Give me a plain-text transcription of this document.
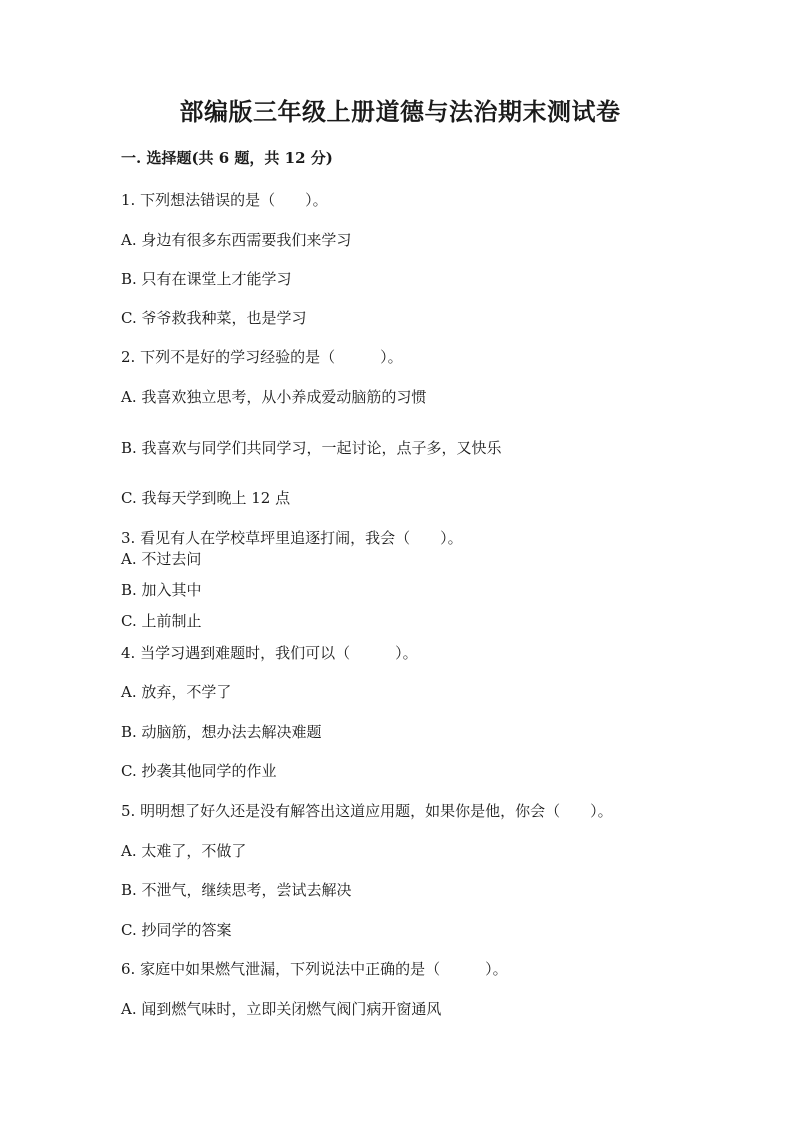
部编版三年级上册道德与法治期末测试卷
一. 选择题(共 6 题，共 12 分)
1. 下列想法错误的是（　　）。
A. 身边有很多东西需要我们来学习
B. 只有在课堂上才能学习
C. 爷爷救我种菜，也是学习
2. 下列不是好的学习经验的是（　　　）。
A. 我喜欢独立思考，从小养成爱动脑筋的习惯
B. 我喜欢与同学们共同学习，一起讨论，点子多，又快乐
C. 我每天学到晚上 12 点
3. 看见有人在学校草坪里追逐打闹，我会（　　）。
A. 不过去问
B. 加入其中
C. 上前制止
4. 当学习遇到难题时，我们可以（　　　）。
A. 放弃，不学了
B. 动脑筋，想办法去解决难题
C. 抄袭其他同学的作业
5. 明明想了好久还是没有解答出这道应用题，如果你是他，你会（　　）。
A. 太难了，不做了
B. 不泄气，继续思考，尝试去解决
C. 抄同学的答案
6. 家庭中如果燃气泄漏，下列说法中正确的是（　　　）。
A. 闻到燃气味时，立即关闭燃气阀门病开窗通风
